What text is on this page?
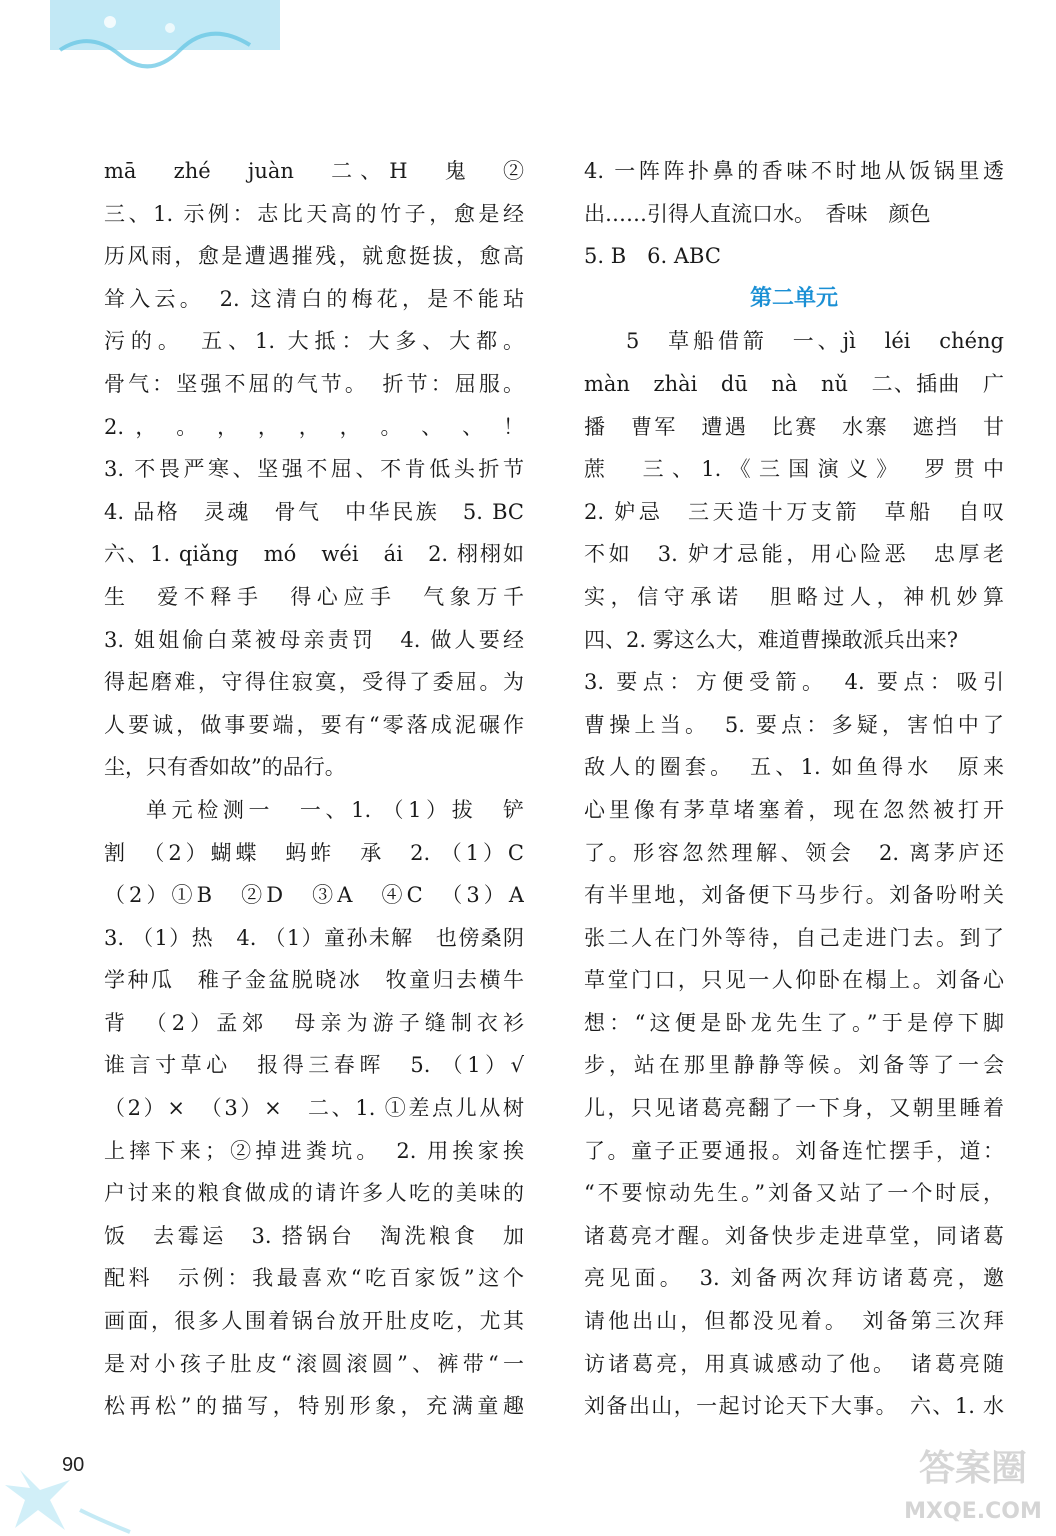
mā　zhé　juàn　二、H　鬼　②
三、1. 示例：志比天高的竹子，愈是经
历风雨，愈是遭遇摧残，就愈挺拔，愈高
耸入云。　2. 这清白的梅花，是不能玷
污的。　五、1. 大抵：大多、大都。
骨气：坚强不屈的气节。　折节：屈服。
2. ，　。　，　，　，　，　。　、　、　！
3. 不畏严寒、坚强不屈、不肯低头折节
4. 品格　灵魂　骨气　中华民族　5. BC
六、1. qiǎng　mó　wéi　ái　2. 栩栩如
生　爱不释手　得心应手　气象万千
3. 姐姐偷白菜被母亲责罚　4. 做人要经
得起磨难，守得住寂寞，受得了委屈。为
人要诚，做事要端，要有“零落成泥碾作
尘，只有香如故”的品行。
单元检测一　一、1. （1）拔　铲
割　（2）蝴蝶　蚂蚱　承　2. （1）C
（2）①B　②D　③A　④C　（3）A
3. （1）热　4. （1）童孙未解　也傍桑阴
学种瓜　稚子金盆脱晓冰　牧童归去横牛
背　（2）孟郊　母亲为游子缝制衣衫
谁言寸草心　报得三春晖　5. （1）√
（2）×　（3）×　二、1. ①差点儿从树
上摔下来；②掉进粪坑。　2. 用挨家挨
户讨来的粮食做成的请许多人吃的美味的
饭　去霉运　3. 搭锅台　淘洗粮食　加
配料　示例：我最喜欢“吃百家饭”这个
画面，很多人围着锅台放开肚皮吃，尤其
是对小孩子肚皮“滚圆滚圆”、裤带“一
松再松”的描写，特别形象，充满童趣
4. 一阵阵扑鼻的香味不时地从饭锅里透
出……引得人直流口水。　香味　颜色
5. B　6. ABC
第二单元
5　草船借箭　一、jì　léi　chéng
màn　zhài　dū　nà　nǔ　二、插曲　广
播　曹军　遭遇　比赛　水寨　遮挡　甘
蔗　三、1.《三国演义》　罗贯中
2. 妒忌　三天造十万支箭　草船　自叹
不如　3. 妒才忌能，用心险恶　忠厚老
实，信守承诺　胆略过人，神机妙算
四、2. 雾这么大，难道曹操敢派兵出来?
3. 要点：方便受箭。　4. 要点：吸引
曹操上当。　5. 要点：多疑，害怕中了
敌人的圈套。　五、1. 如鱼得水　原来
心里像有茅草堵塞着，现在忽然被打开
了。形容忽然理解、领会　2. 离茅庐还
有半里地，刘备便下马步行。刘备吩咐关
张二人在门外等待，自己走进门去。到了
草堂门口，只见一人仰卧在榻上。刘备心
想：“这便是卧龙先生了。”于是停下脚
步，站在那里静静等候。刘备等了一会
儿，只见诸葛亮翻了一下身，又朝里睡着
了。童子正要通报。刘备连忙摆手，道：
“不要惊动先生。”刘备又站了一个时辰，
诸葛亮才醒。刘备快步走进草堂，同诸葛
亮见面。　3. 刘备两次拜访诸葛亮，邀
请他出山，但都没见着。　刘备第三次拜
访诸葛亮，用真诚感动了他。　诸葛亮随
刘备出山，一起讨论天下大事。　六、1. 水
90	答案圈
MXQE.COM
